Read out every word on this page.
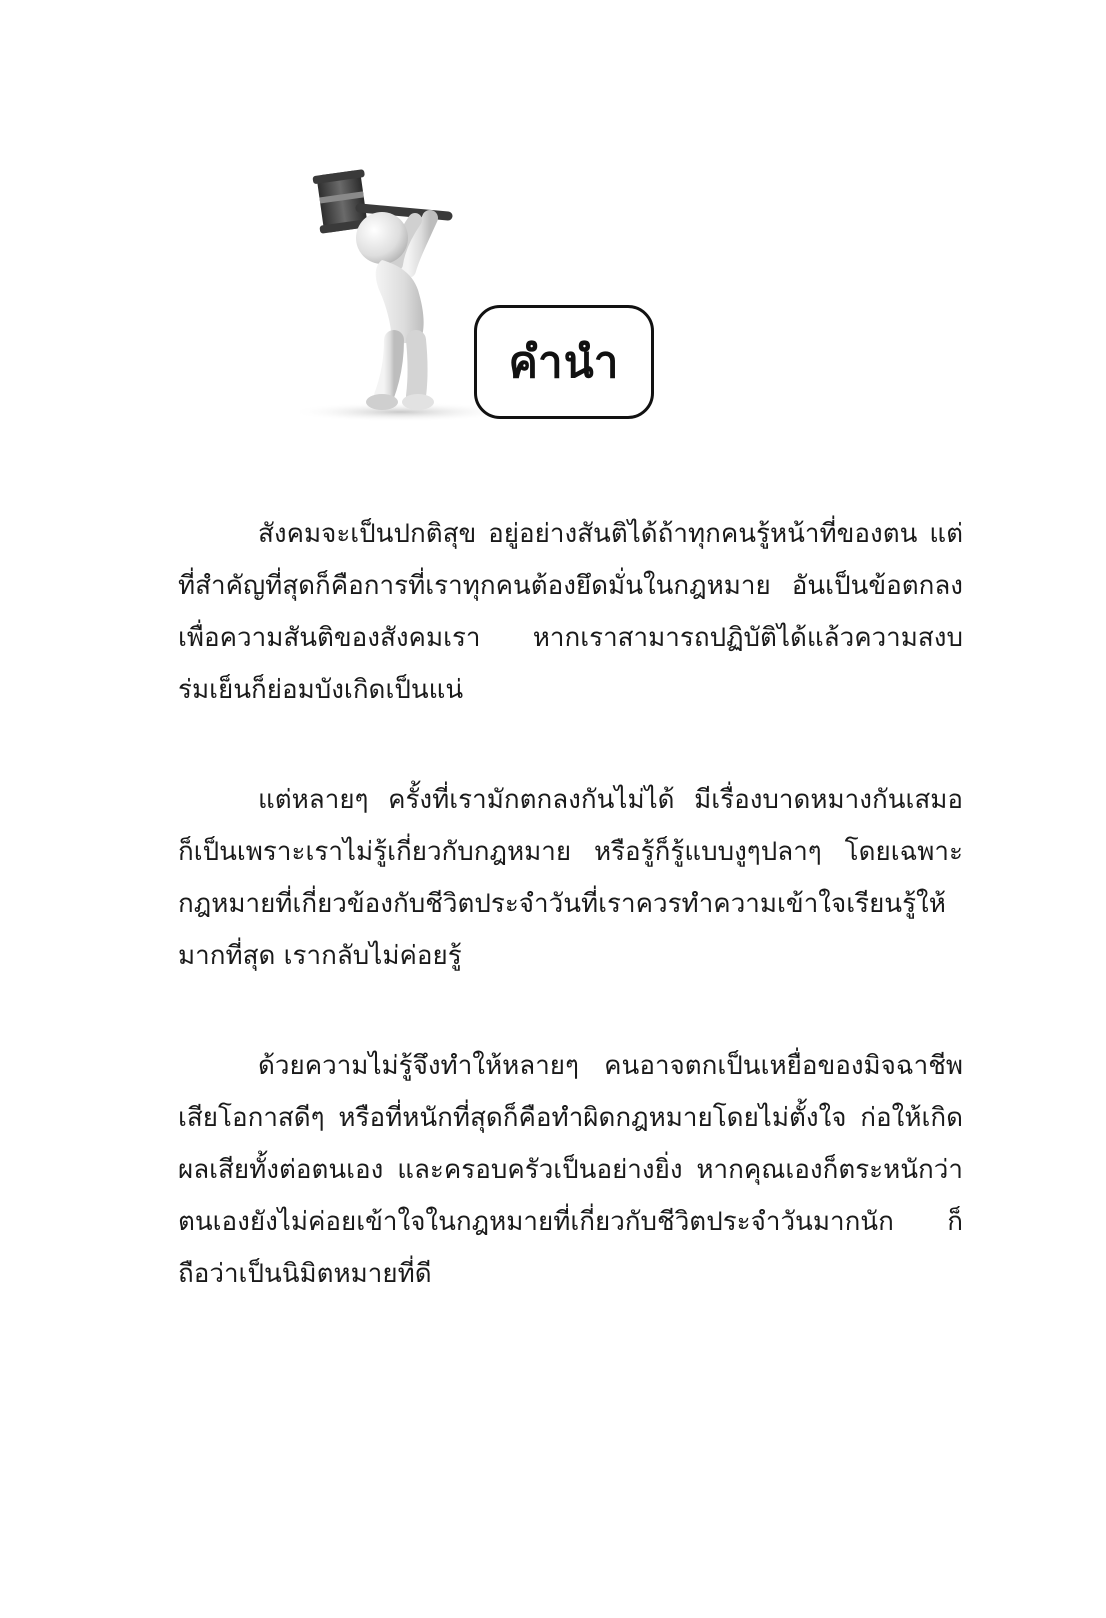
คำนำ

สังคมจะเป็นปกติสุข อยู่อย่างสันติได้ถ้าทุกคนรู้หน้าที่ของตน แต่ที่สำคัญที่สุดก็คือการที่เราทุกคนต้องยึดมั่นในกฎหมาย อันเป็นข้อตกลงเพื่อความสันติของสังคมเรา หากเราสามารถปฏิบัติได้แล้วความสงบร่มเย็นก็ย่อมบังเกิดเป็นแน่

แต่หลายๆ ครั้งที่เรามักตกลงกันไม่ได้ มีเรื่องบาดหมางกันเสมอ ก็เป็นเพราะเราไม่รู้เกี่ยวกับกฎหมาย หรือรู้ก็รู้แบบงูๆปลาๆ โดยเฉพาะกฎหมายที่เกี่ยวข้องกับชีวิตประจำวันที่เราควรทำความเข้าใจเรียนรู้ให้มากที่สุด เรากลับไม่ค่อยรู้

ด้วยความไม่รู้จึงทำให้หลายๆ คนอาจตกเป็นเหยื่อของมิจฉาชีพ เสียโอกาสดีๆ หรือที่หนักที่สุดก็คือทำผิดกฎหมายโดยไม่ตั้งใจ ก่อให้เกิดผลเสียทั้งต่อตนเอง และครอบครัวเป็นอย่างยิ่ง หากคุณเองก็ตระหนักว่าตนเองยังไม่ค่อยเข้าใจในกฎหมายที่เกี่ยวกับชีวิตประจำวันมากนัก ก็ถือว่าเป็นนิมิตหมายที่ดี
